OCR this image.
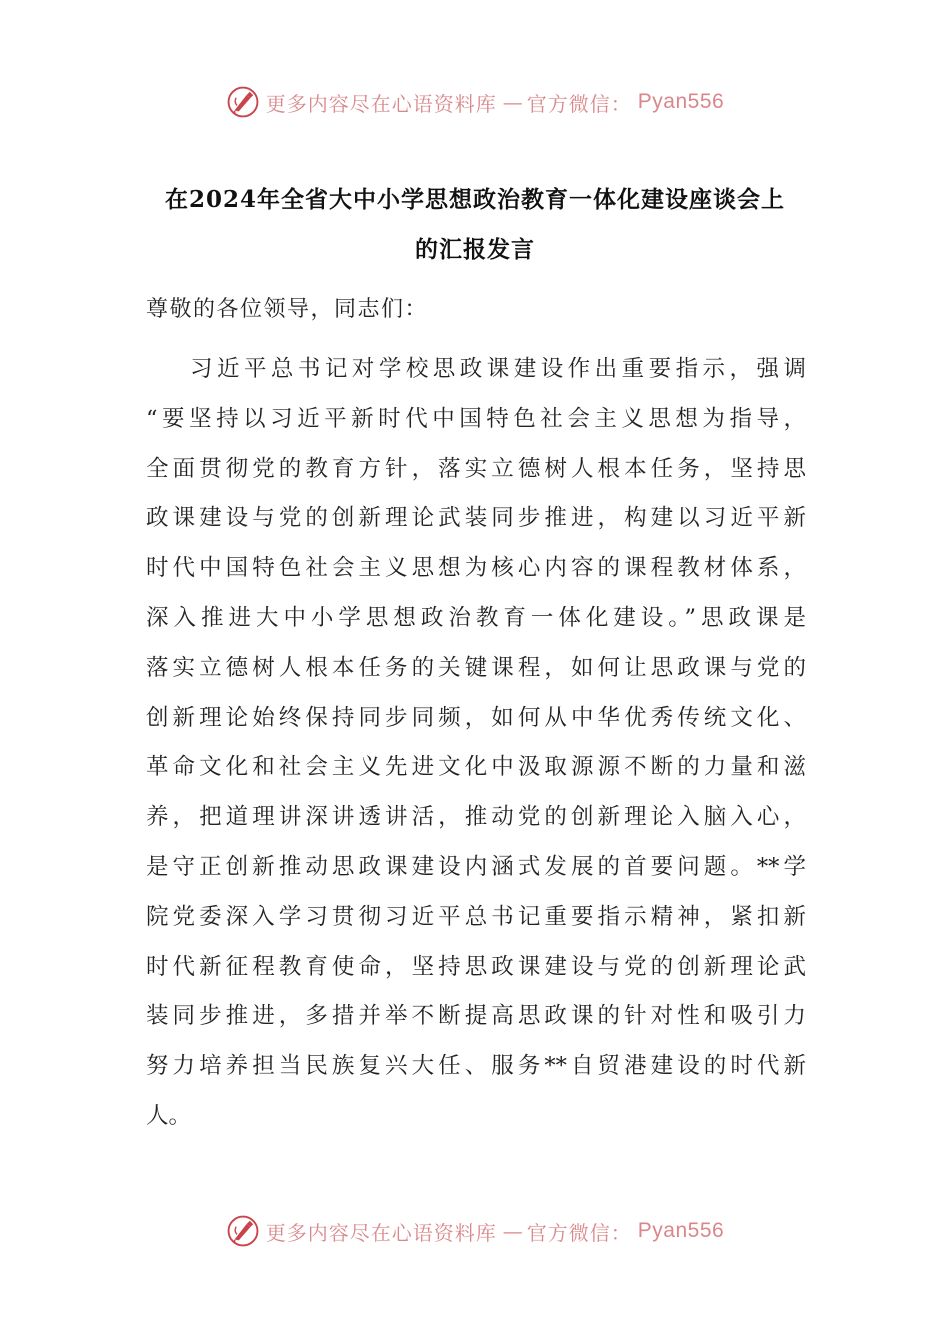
更多内容尽在心语资料库 — 官方微信： Pyan556
在2024年全省大中小学思想政治教育一体化建设座谈会上
的汇报发言
尊敬的各位领导，同志们：
习近平总书记对学校思政课建设作出重要指示，强调
“要坚持以习近平新时代中国特色社会主义思想为指导，
全面贯彻党的教育方针，落实立德树人根本任务，坚持思
政课建设与党的创新理论武装同步推进，构建以习近平新
时代中国特色社会主义思想为核心内容的课程教材体系，
深入推进大中小学思想政治教育一体化建设。”思政课是
落实立德树人根本任务的关键课程，如何让思政课与党的
创新理论始终保持同步同频，如何从中华优秀传统文化、
革命文化和社会主义先进文化中汲取源源不断的力量和滋
养，把道理讲深讲透讲活，推动党的创新理论入脑入心，
是守正创新推动思政课建设内涵式发展的首要问题。**学
院党委深入学习贯彻习近平总书记重要指示精神，紧扣新
时代新征程教育使命，坚持思政课建设与党的创新理论武
装同步推进，多措并举不断提高思政课的针对性和吸引力
努力培养担当民族复兴大任、服务**自贸港建设的时代新
人。
更多内容尽在心语资料库 — 官方微信： Pyan556
